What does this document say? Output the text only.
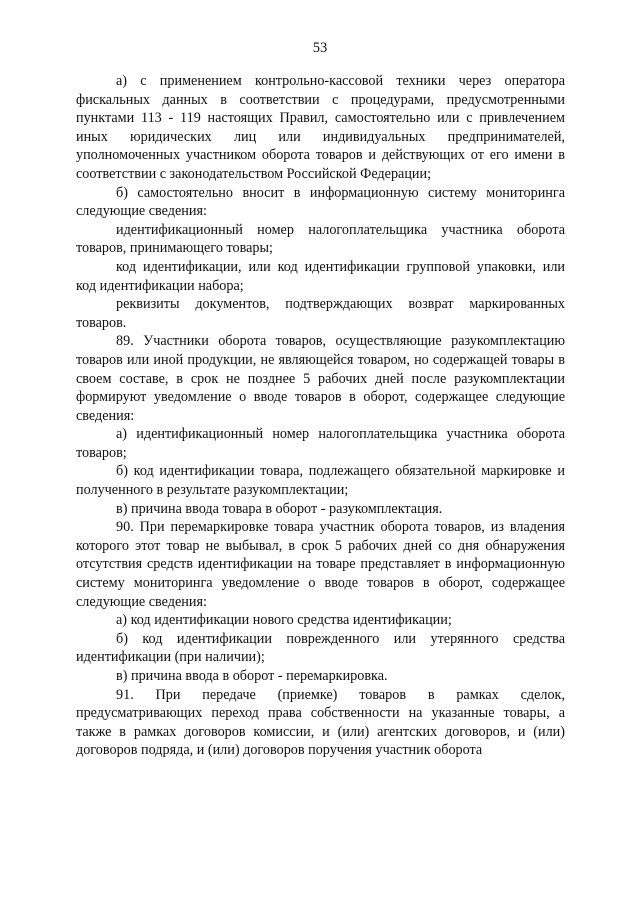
53

а) с применением контрольно-кассовой техники через оператора фискальных данных в соответствии с процедурами, предусмотренными пунктами 113 - 119 настоящих Правил, самостоятельно или с привлечением иных юридических лиц или индивидуальных предпринимателей, уполномоченных участником оборота товаров и действующих от его имени в соответствии с законодательством Российской Федерации;

б) самостоятельно вносит в информационную систему мониторинга следующие сведения:

идентификационный номер налогоплательщика участника оборота товаров, принимающего товары;

код идентификации, или код идентификации групповой упаковки, или код идентификации набора;

реквизиты документов, подтверждающих возврат маркированных товаров.

89. Участники оборота товаров, осуществляющие разукомплектацию товаров или иной продукции, не являющейся товаром, но содержащей товары в своем составе, в срок не позднее 5 рабочих дней после разукомплектации формируют уведомление о вводе товаров в оборот, содержащее следующие сведения:

а) идентификационный номер налогоплательщика участника оборота товаров;

б) код идентификации товара, подлежащего обязательной маркировке и полученного в результате разукомплектации;

в) причина ввода товара в оборот - разукомплектация.

90. При перемаркировке товара участник оборота товаров, из владения которого этот товар не выбывал, в срок 5 рабочих дней со дня обнаружения отсутствия средств идентификации на товаре представляет в информационную систему мониторинга уведомление о вводе товаров в оборот, содержащее следующие сведения:

а) код идентификации нового средства идентификации;

б) код идентификации поврежденного или утерянного средства идентификации (при наличии);

в) причина ввода в оборот - перемаркировка.

91. При передаче (приемке) товаров в рамках сделок, предусматривающих переход права собственности на указанные товары, а также в рамках договоров комиссии, и (или) агентских договоров, и (или) договоров подряда, и (или) договоров поручения участник оборота
